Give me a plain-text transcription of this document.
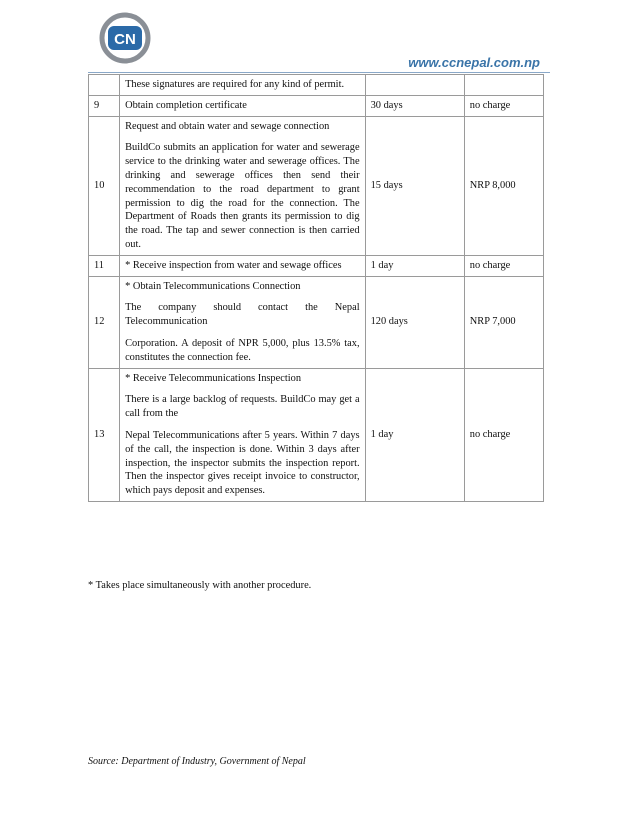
CN
www.ccnepal.com.np

	These signatures are required for any kind of permit.		

9	Obtain completion certificate	30 days	no charge
10	Request and obtain water and sewage connection

BuildCo submits an application for water and sewerage service to the drinking water and sewerage offices. The drinking and sewerage offices then send their recommendation to the road department to grant permission to dig the road for the connection. The Department of Roads then grants its permission to dig the road. The tap and sewer connection is then carried out.	15 days	NRP 8,000
11	* Receive inspection from water and sewage offices	1 day	no charge
12	* Obtain Telecommunications Connection

The company should contact the Nepal Telecommunication

Corporation. A deposit of NPR 5,000, plus 13.5% tax, constitutes the connection fee.	120 days	NRP 7,000
13	* Receive Telecommunications Inspection

There is a large backlog of requests. BuildCo may get a call from the

Nepal Telecommunications after 5 years. Within 7 days of the call, the inspection is done. Within 3 days after inspection, the inspector submits the inspection report. Then the inspector gives receipt invoice to constructor, which pays deposit and expenses.	1 day	no charge
* Takes place simultaneously with another procedure.
Source: Department of Industry, Government of Nepal
